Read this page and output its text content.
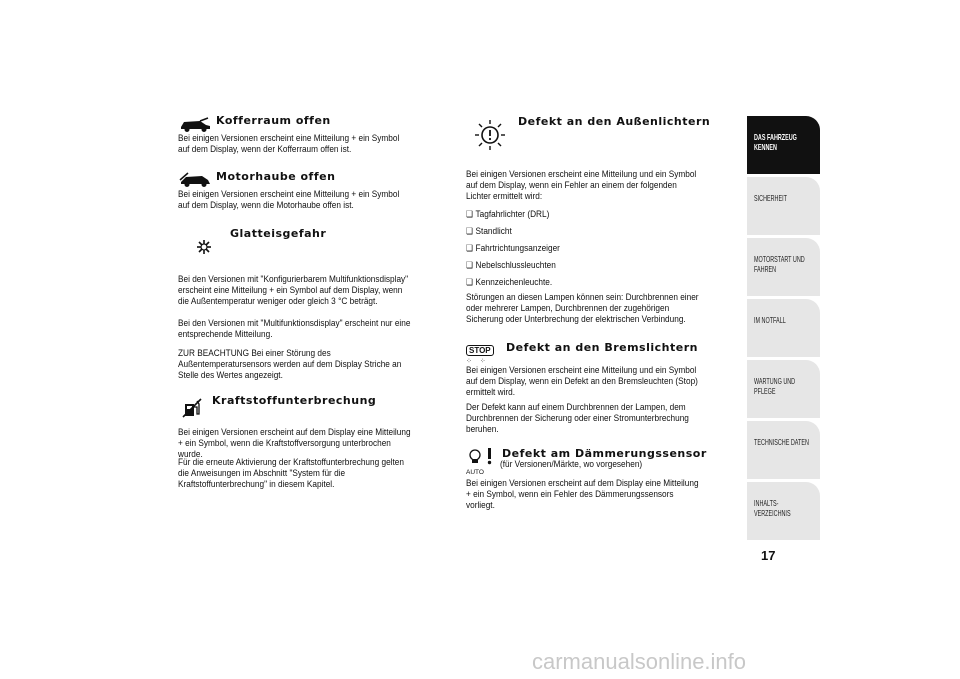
Kofferraum offen

Bei einigen Versionen erscheint eine Mitteilung + ein Symbol auf dem Display, wenn der Kofferraum offen ist.

Motorhaube offen

Bei einigen Versionen erscheint eine Mitteilung + ein Symbol auf dem Display, wenn die Motorhaube offen ist.

Glatteisgefahr

Bei den Versionen mit "Konfigurierbarem Multifunktionsdisplay" erscheint eine Mitteilung + ein Symbol auf dem Display, wenn die Außentemperatur weniger oder gleich 3 °C beträgt.

Bei den Versionen mit "Multifunktionsdisplay" erscheint nur eine entsprechende Mitteilung.

ZUR BEACHTUNG Bei einer Störung des Außentemperatursensors werden auf dem Display Striche an Stelle des Wertes angezeigt.

Kraftstoffunterbrechung

Bei einigen Versionen erscheint auf dem Display eine Mitteilung + ein Symbol, wenn die Kraftstoffversorgung unterbrochen wurde.

Für die erneute Aktivierung der Kraftstoffunterbrechung gelten die Anweisungen im Abschnitt "System für die Kraftstoffunterbrechung" in diesem Kapitel.

Defekt an den Außenlichtern

Bei einigen Versionen erscheint eine Mitteilung und ein Symbol auf dem Display, wenn ein Fehler an einem der folgenden Lichter ermittelt wird:

❏ Tagfahrlichter (DRL)
❏ Standlicht
❏ Fahrtrichtungsanzeiger
❏ Nebelschlussleuchten
❏ Kennzeichenleuchte.

Störungen an diesen Lampen können sein: Durchbrennen einer oder mehrerer Lampen, Durchbrennen der zugehörigen Sicherung oder Unterbrechung der elektrischen Verbindung.

STOP
⁘ ⁘
Defekt an den Bremslichtern

Bei einigen Versionen erscheint eine Mitteilung und ein Symbol auf dem Display, wenn ein Defekt an den Bremsleuchten (Stop) ermittelt wird.

Der Defekt kann auf einem Durchbrennen der Lampen, dem Durchbrennen der Sicherung oder einer Stromunterbrechung beruhen.

AUTO
Defekt am Dämmerungssensor

(für Versionen/Märkte, wo vorgesehen)

Bei einigen Versionen erscheint auf dem Display eine Mitteilung + ein Symbol, wenn ein Fehler des Dämmerungssensors vorliegt.

DAS FAHRZEUG
KENNEN
SICHERHEIT

MOTORSTART UND
FAHREN
IM NOTFALL

WARTUNG UND
PFLEGE
TECHNISCHE DATEN

INHALTS-
VERZEICHNIS
17
carmanualsonline.info
